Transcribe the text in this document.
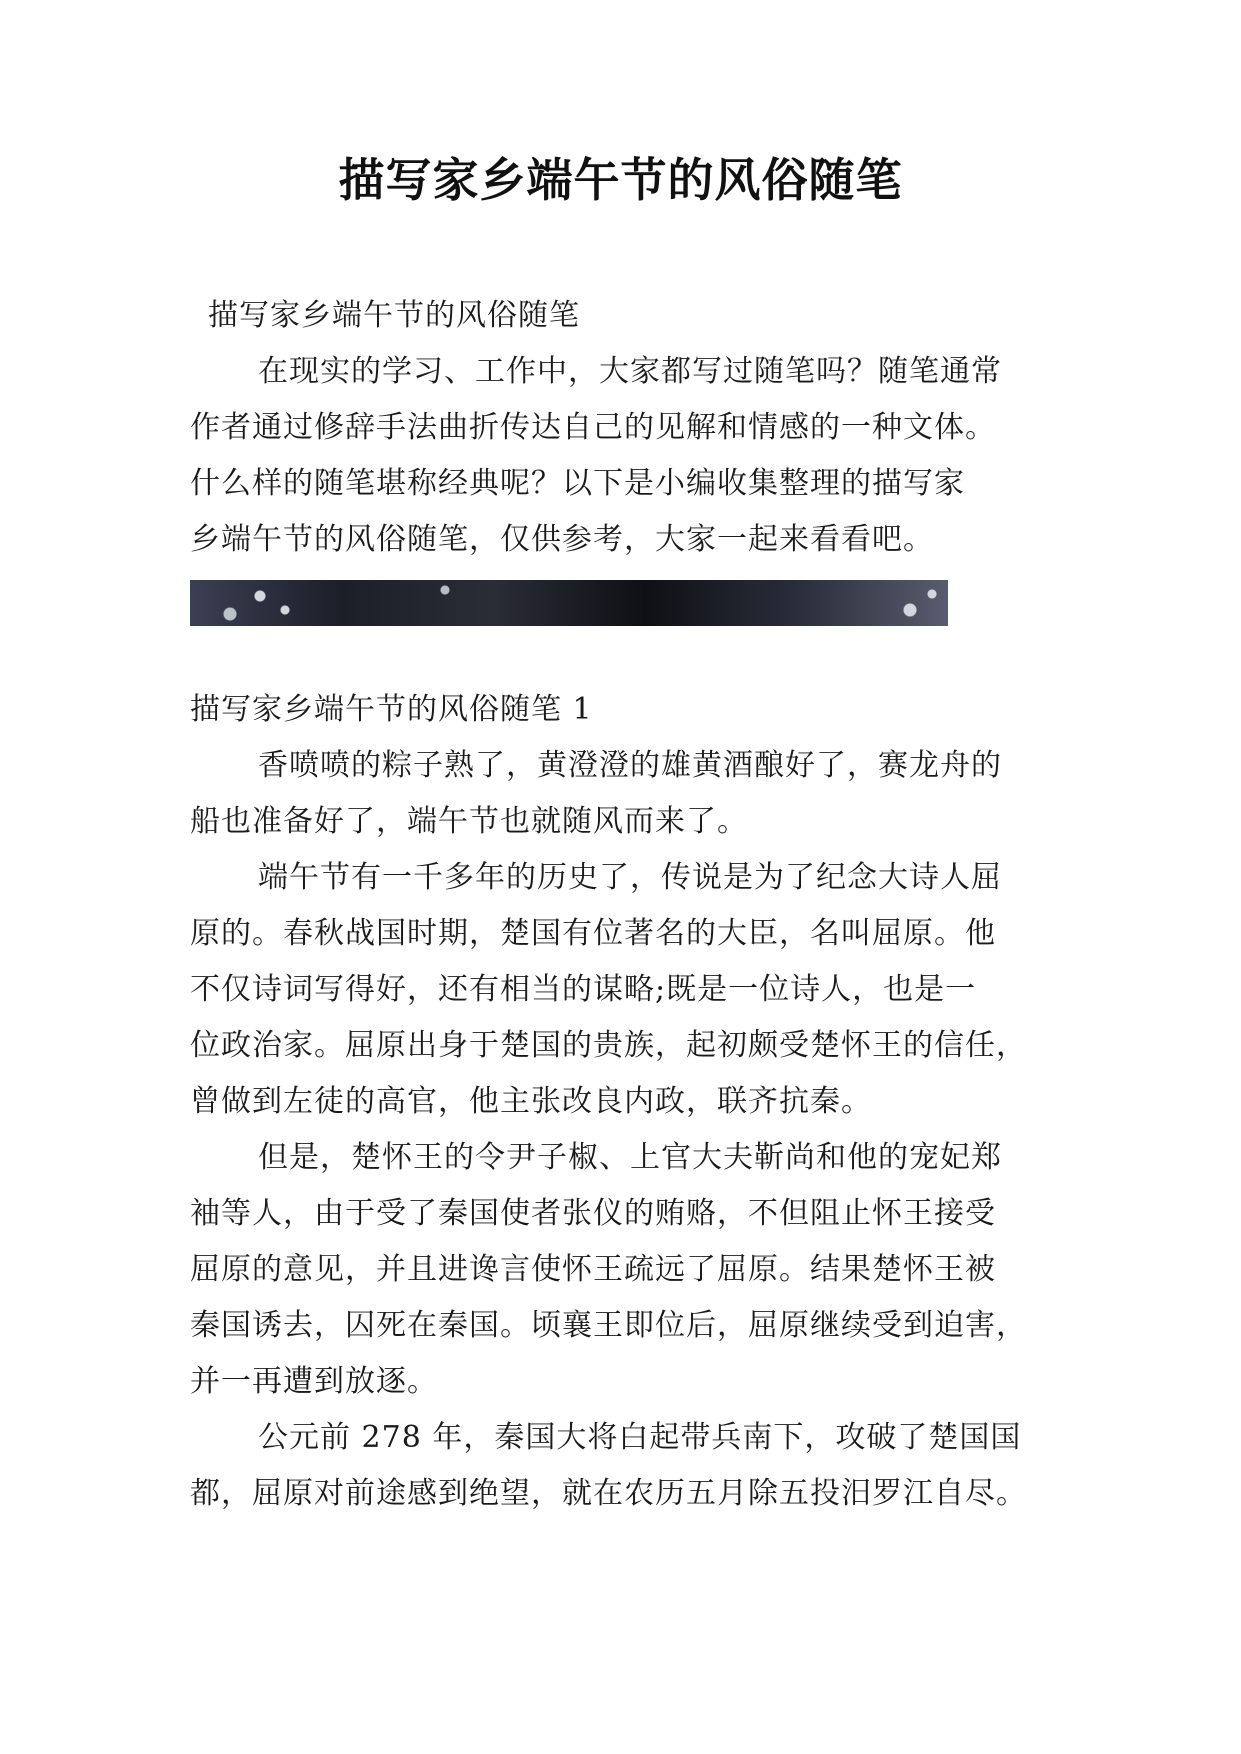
描写家乡端午节的风俗随笔
描写家乡端午节的风俗随笔
在现实的学习、工作中，大家都写过随笔吗？随笔通常
作者通过修辞手法曲折传达自己的见解和情感的一种文体。
什么样的随笔堪称经典呢？以下是小编收集整理的描写家
乡端午节的风俗随笔，仅供参考，大家一起来看看吧。
描写家乡端午节的风俗随笔 1
香喷喷的粽子熟了，黄澄澄的雄黄酒酿好了，赛龙舟的
船也准备好了，端午节也就随风而来了。
端午节有一千多年的历史了，传说是为了纪念大诗人屈
原的。春秋战国时期，楚国有位著名的大臣，名叫屈原。他
不仅诗词写得好，还有相当的谋略;既是一位诗人，也是一
位政治家。屈原出身于楚国的贵族，起初颇受楚怀王的信任，
曾做到左徒的高官，他主张改良内政，联齐抗秦。
但是，楚怀王的令尹子椒、上官大夫靳尚和他的宠妃郑
袖等人，由于受了秦国使者张仪的贿赂，不但阻止怀王接受
屈原的意见，并且进谗言使怀王疏远了屈原。结果楚怀王被
秦国诱去，囚死在秦国。顷襄王即位后，屈原继续受到迫害，
并一再遭到放逐。
公元前 278 年，秦国大将白起带兵南下，攻破了楚国国
都，屈原对前途感到绝望，就在农历五月除五投汨罗江自尽。
